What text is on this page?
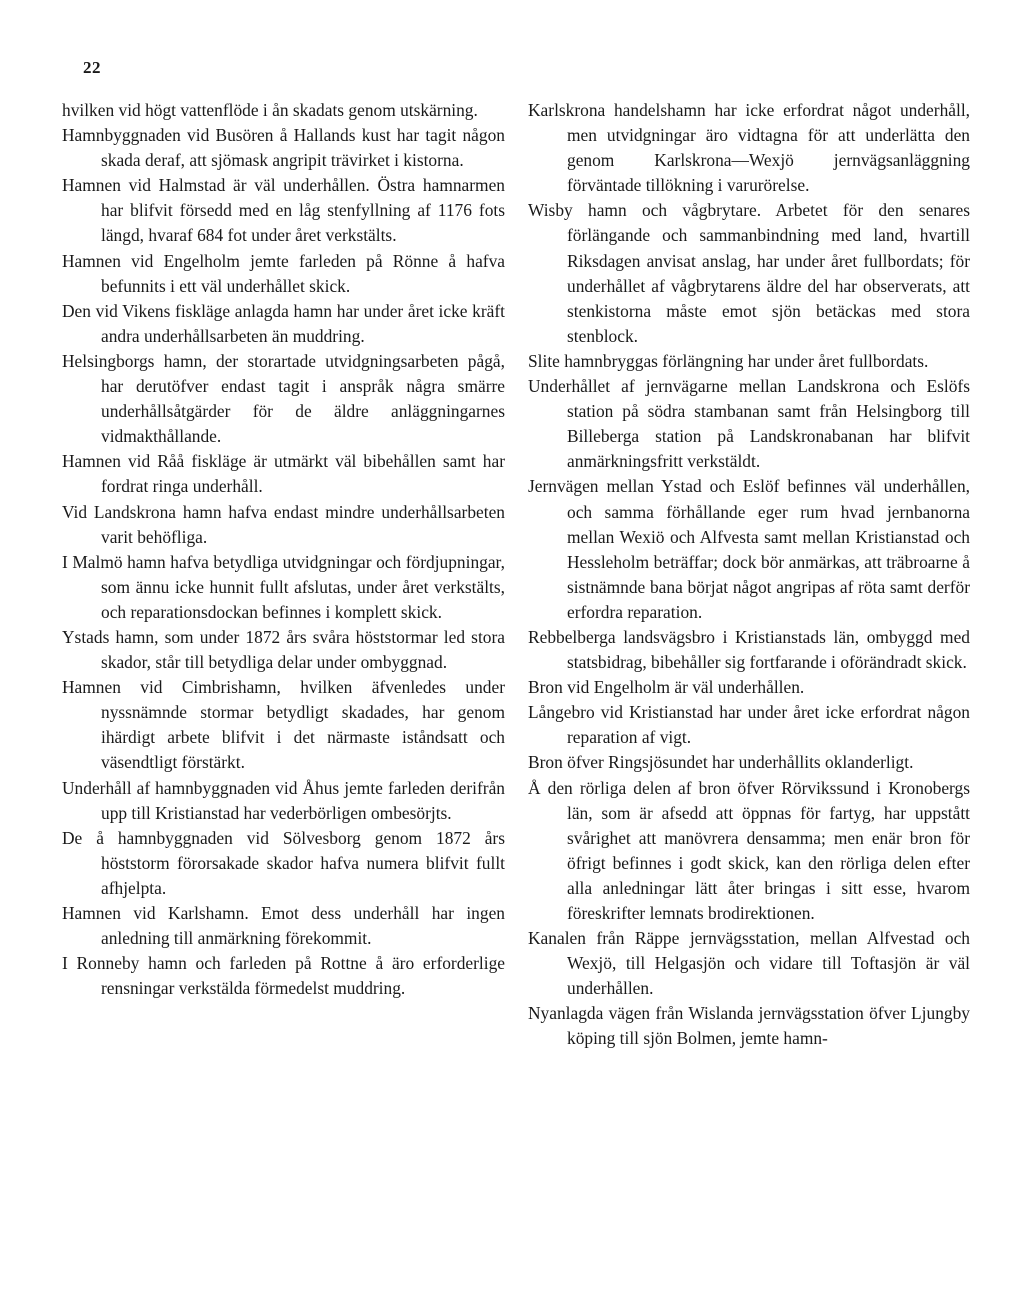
22

hvilken vid högt vattenflöde i ån skadats genom utskärning.

Hamnbyggnaden vid Busören å Hallands kust har tagit någon skada deraf, att sjömask angripit trävirket i kistorna.

Hamnen vid Halmstad är väl underhållen. Östra hamnarmen har blifvit försedd med en låg stenfyllning af 1176 fots längd, hvaraf 684 fot under året verkstälts.

Hamnen vid Engelholm jemte farleden på Rönne å hafva befunnits i ett väl underhållet skick.

Den vid Vikens fiskläge anlagda hamn har under året icke kräft andra underhållsarbeten än muddring.

Helsingborgs hamn, der storartade utvidgningsarbeten pågå, har derutöfver endast tagit i anspråk några smärre underhållsåtgärder för de äldre anläggningarnes vidmakthållande.

Hamnen vid Råå fiskläge är utmärkt väl bibehållen samt har fordrat ringa underhåll.

Vid Landskrona hamn hafva endast mindre underhållsarbeten varit behöfliga.

I Malmö hamn hafva betydliga utvidgningar och fördjupningar, som ännu icke hunnit fullt afslutas, under året verkstälts, och reparationsdockan befinnes i komplett skick.

Ystads hamn, som under 1872 års svåra höststormar led stora skador, står till betydliga delar under ombyggnad.

Hamnen vid Cimbrishamn, hvilken äfvenledes under nyssnämnde stormar betydligt skadades, har genom ihärdigt arbete blifvit i det närmaste iståndsatt och väsendtligt förstärkt.

Underhåll af hamnbyggnaden vid Åhus jemte farleden derifrån upp till Kristianstad har vederbörligen ombesörjts.

De å hamnbyggnaden vid Sölvesborg genom 1872 års höststorm förorsakade skador hafva numera blifvit fullt afhjelpta.

Hamnen vid Karlshamn. Emot dess underhåll har ingen anledning till anmärkning förekommit.

I Ronneby hamn och farleden på Rottne å äro erforderlige rensningar verkstälda förmedelst muddring.

Karlskrona handelshamn har icke erfordrat något underhåll, men utvidgningar äro vidtagna för att underlätta den genom Karlskrona—Wexjö jernvägsanläggning förväntade tillökning i varurörelse.

Wisby hamn och vågbrytare. Arbetet för den senares förlängande och sammanbindning med land, hvartill Riksdagen anvisat anslag, har under året fullbordats; för underhållet af vågbrytarens äldre del har observerats, att stenkistorna måste emot sjön betäckas med stora stenblock.

Slite hamnbryggas förlängning har under året fullbordats.

Underhållet af jernvägarne mellan Landskrona och Eslöfs station på södra stambanan samt från Helsingborg till Billeberga station på Landskronabanan har blifvit anmärkningsfritt verkstäldt.

Jernvägen mellan Ystad och Eslöf befinnes väl underhållen, och samma förhållande eger rum hvad jernbanorna mellan Wexiö och Alfvesta samt mellan Kristianstad och Hessleholm beträffar; dock bör anmärkas, att träbroarne å sistnämnde bana börjat något angripas af röta samt derför erfordra reparation.

Rebbelberga landsvägsbro i Kristianstads län, ombyggd med statsbidrag, bibehåller sig fortfarande i oförändradt skick.

Bron vid Engelholm är väl underhållen.

Långebro vid Kristianstad har under året icke erfordrat någon reparation af vigt.

Bron öfver Ringsjösundet har underhållits oklanderligt.

Å den rörliga delen af bron öfver Rörvikssund i Kronobergs län, som är afsedd att öppnas för fartyg, har uppstått svårighet att manövrera densamma; men enär bron för öfrigt befinnes i godt skick, kan den rörliga delen efter alla anledningar lätt åter bringas i sitt esse, hvarom föreskrifter lemnats brodirektionen.

Kanalen från Räppe jernvägsstation, mellan Alfvestad och Wexjö, till Helgasjön och vidare till Toftasjön är väl underhållen.

Nyanlagda vägen från Wislanda jernvägsstation öfver Ljungby köping till sjön Bolmen, jemte hamn-
